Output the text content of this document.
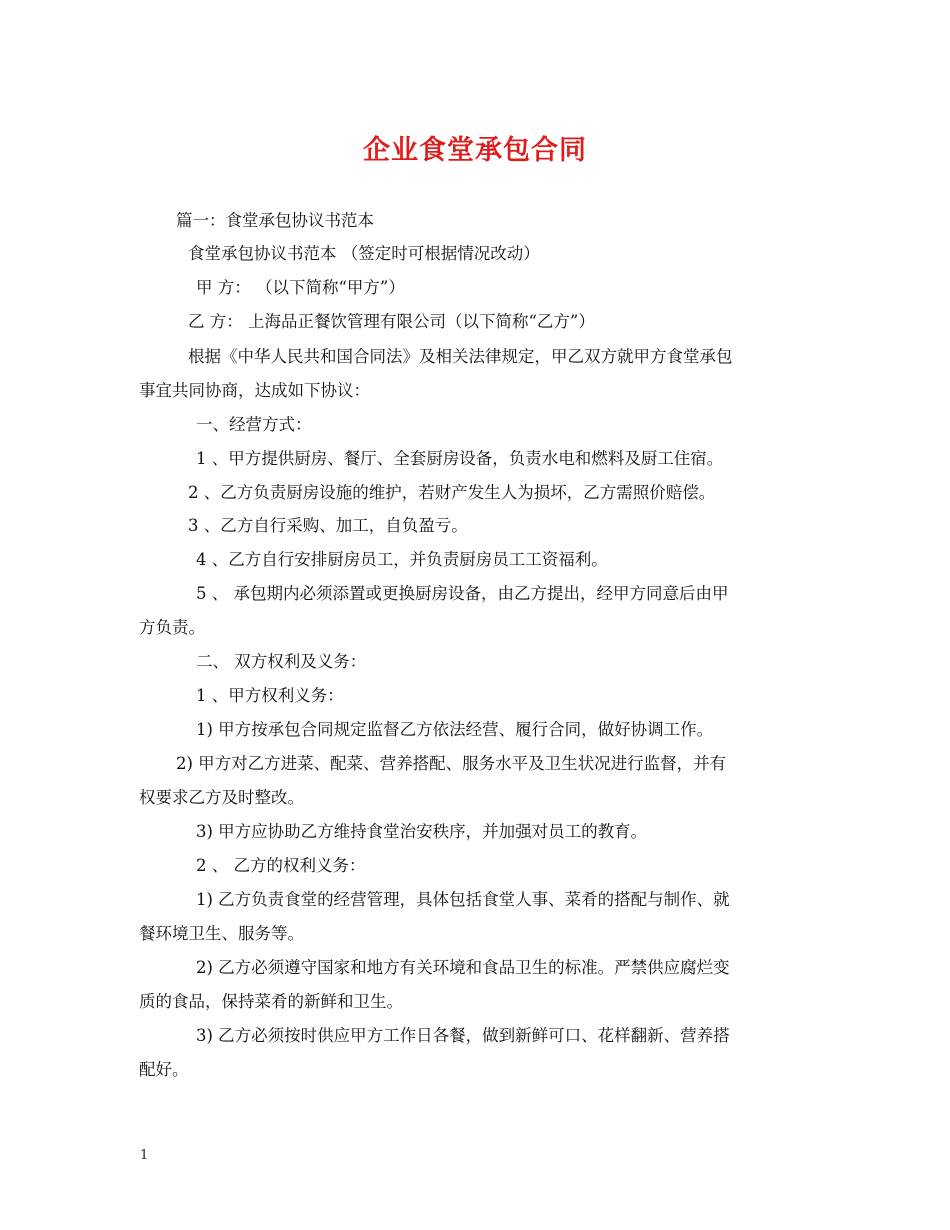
企业食堂承包合同
篇一：食堂承包协议书范本
食堂承包协议书范本 （签定时可根据情况改动）
甲 方： （以下简称“甲方”）
乙 方： 上海品正餐饮管理有限公司（以下简称“乙方”）
根据《中华人民共和国合同法》及相关法律规定，甲乙双方就甲方食堂承包
事宜共同协商，达成如下协议：
一、经营方式：
1 、甲方提供厨房、餐厅、全套厨房设备，负责水电和燃料及厨工住宿。
2 、乙方负责厨房设施的维护，若财产发生人为损坏，乙方需照价赔偿。
3 、乙方自行采购、加工，自负盈亏。
4 、乙方自行安排厨房员工，并负责厨房员工工资福利。
5 、 承包期内必须添置或更换厨房设备，由乙方提出，经甲方同意后由甲
方负责。
二、 双方权利及义务：
1 、甲方权利义务：
1) 甲方按承包合同规定监督乙方依法经营、履行合同，做好协调工作。
2) 甲方对乙方进菜、配菜、营养搭配、服务水平及卫生状况进行监督，并有
权要求乙方及时整改。
3) 甲方应协助乙方维持食堂治安秩序，并加强对员工的教育。
2 、 乙方的权利义务：
1) 乙方负责食堂的经营管理，具体包括食堂人事、菜肴的搭配与制作、就
餐环境卫生、服务等。
2) 乙方必须遵守国家和地方有关环境和食品卫生的标准。严禁供应腐烂变
质的食品，保持菜肴的新鲜和卫生。
3) 乙方必须按时供应甲方工作日各餐，做到新鲜可口、花样翻新、营养搭
配好。
1
